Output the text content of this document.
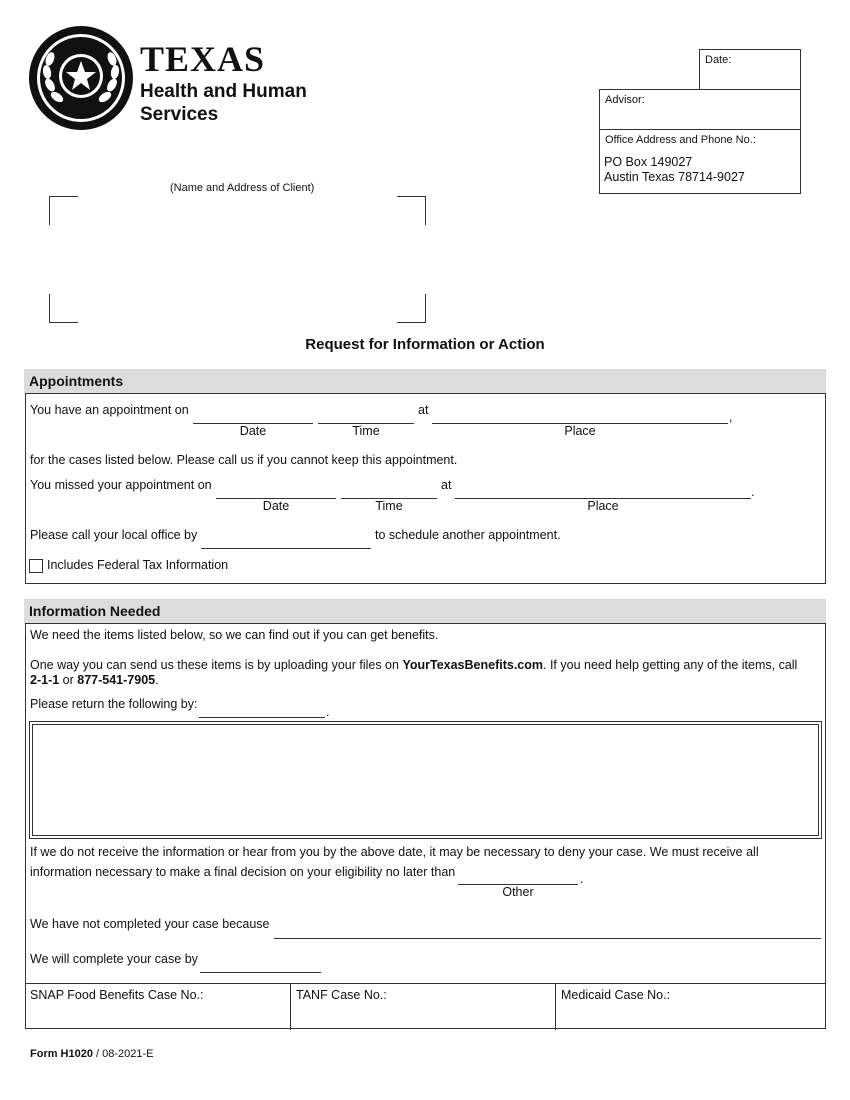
TEXAS
Health and Human
Services
Date:
Advisor:
Office Address and Phone No.:
PO Box 149027
Austin Texas 78714-9027
(Name and Address of Client)
Request for Information or Action
Appointments
You have an appointment on	at	,
Date	Time	Place
for the cases listed below. Please call us if you cannot keep this appointment.
You missed your appointment on	at	.
Date	Time	Place
Please call your local office by	to schedule another appointment.
Includes Federal Tax Information
Information Needed
We need the items listed below, so we can find out if you can get benefits.
One way you can send us these items is by uploading your files on YourTexasBenefits.com. If you need help getting any of the items, call
2-1-1 or 877-541-7905.
Please return the following by:
.
If we do not receive the information or hear from you by the above date, it may be necessary to deny your case. We must receive all
information necessary to make a final decision on your eligibility no later than	.
Other
We have not completed your case because
We will complete your case by
SNAP Food Benefits Case No.:	TANF Case No.:	Medicaid Case No.:
Form H1020 / 08-2021-E
